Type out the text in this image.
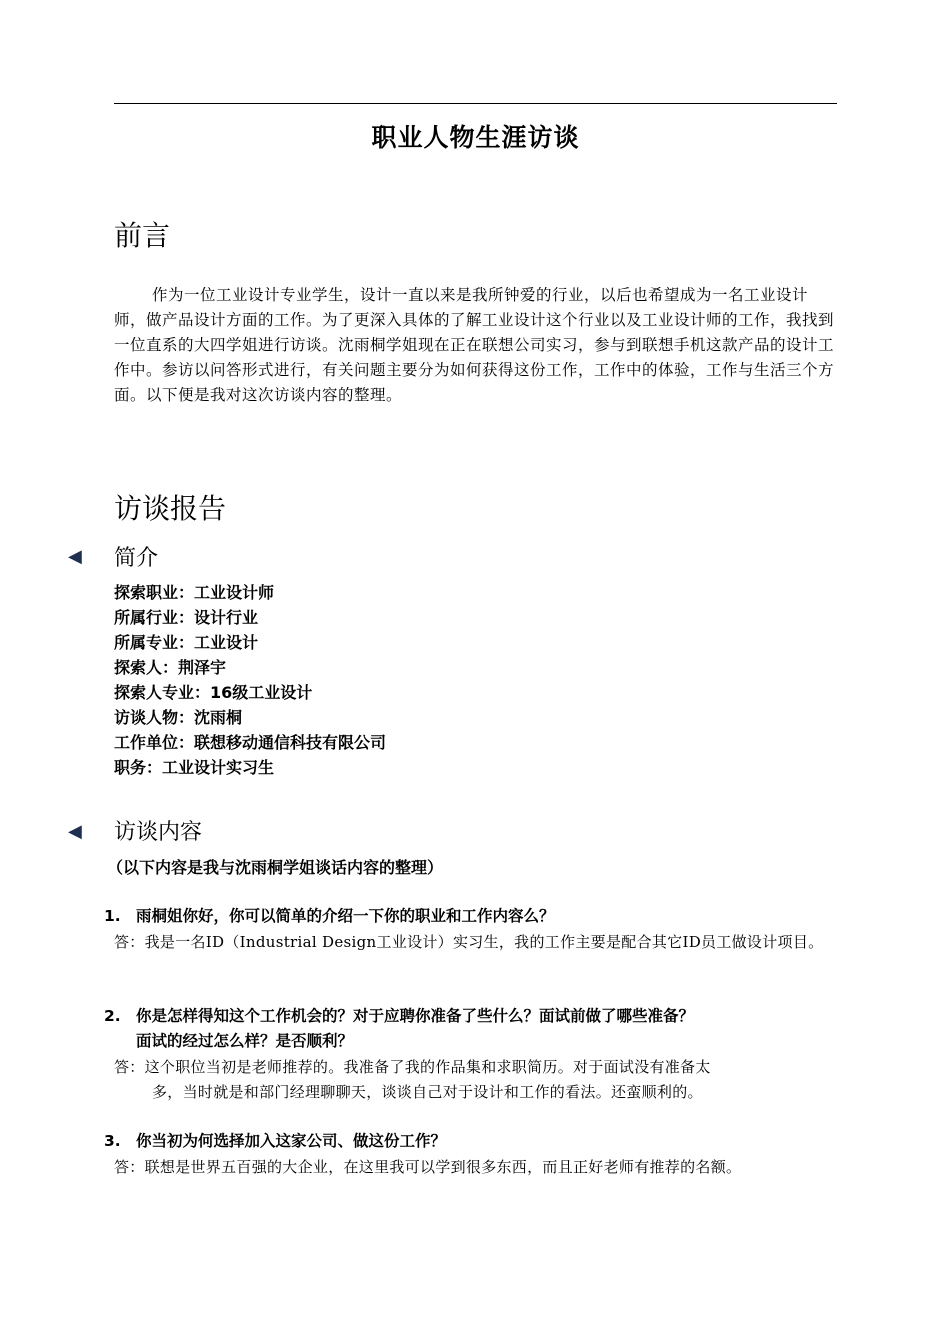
职业人物生涯访谈
前言
作为一位工业设计专业学生，设计一直以来是我所钟爱的行业，以后也希望成为一名工业设计师，做产品设计方面的工作。为了更深入具体的了解工业设计这个行业以及工业设计师的工作，我找到一位直系的大四学姐进行访谈。沈雨桐学姐现在正在联想公司实习，参与到联想手机这款产品的设计工作中。参访以问答形式进行，有关问题主要分为如何获得这份工作，工作中的体验，工作与生活三个方面。以下便是我对这次访谈内容的整理。
访谈报告
◀ 简介
探索职业：工业设计师
所属行业：设计行业
所属专业：工业设计
探索人：荆泽宇
探索人专业：16级工业设计
访谈人物：沈雨桐
工作单位：联想移动通信科技有限公司
职务：工业设计实习生
◀ 访谈内容
（以下内容是我与沈雨桐学姐谈话内容的整理）
1. 雨桐姐你好，你可以简单的介绍一下你的职业和工作内容么？
答：我是一名ID（Industrial Design工业设计）实习生，我的工作主要是配合其它ID员工做设计项目。
2. 你是怎样得知这个工作机会的？对于应聘你准备了些什么？面试前做了哪些准备？
面试的经过怎么样？是否顺利？
答：这个职位当初是老师推荐的。我准备了我的作品集和求职简历。对于面试没有准备太
多，当时就是和部门经理聊聊天，谈谈自己对于设计和工作的看法。还蛮顺利的。
3. 你当初为何选择加入这家公司、做这份工作？
答：联想是世界五百强的大企业，在这里我可以学到很多东西，而且正好老师有推荐的名额。
